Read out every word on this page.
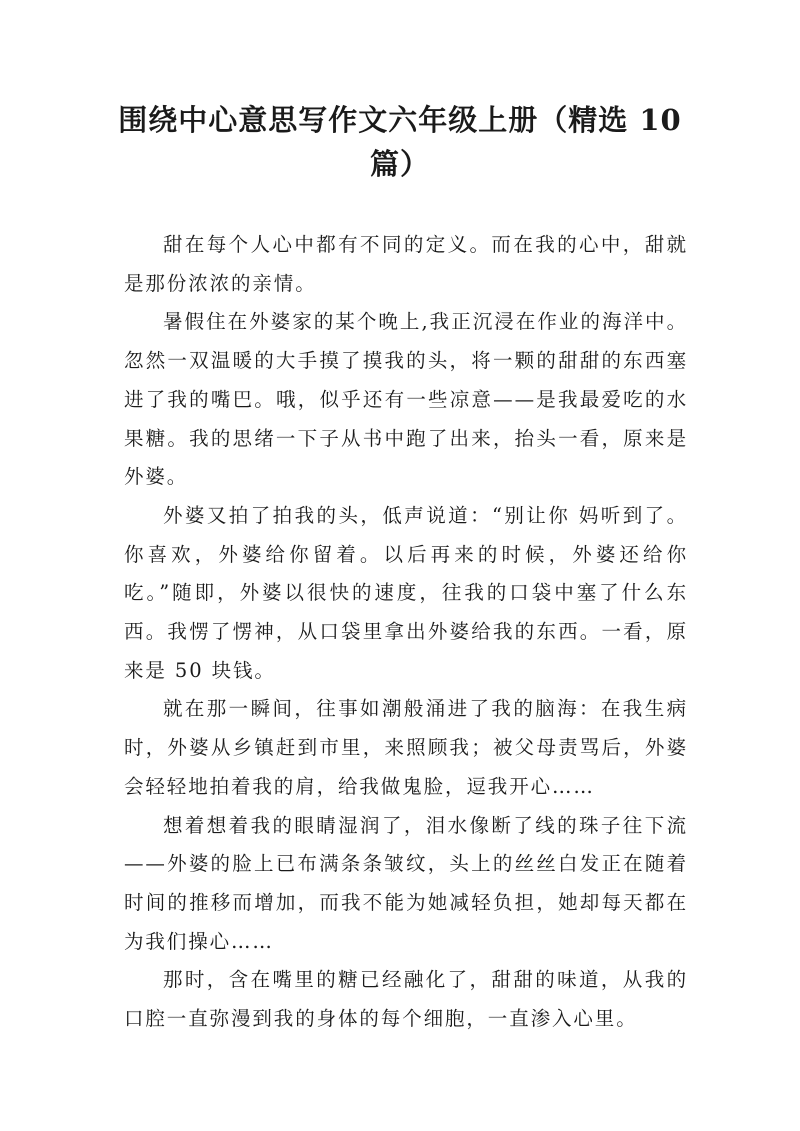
围绕中心意思写作文六年级上册（精选 10 篇）

甜在每个人心中都有不同的定义。而在我的心中，甜就是那份浓浓的亲情。

暑假住在外婆家的某个晚上,我正沉浸在作业的海洋中。忽然一双温暖的大手摸了摸我的头，将一颗的甜甜的东西塞进了我的嘴巴。哦，似乎还有一些凉意——是我最爱吃的水果糖。我的思绪一下子从书中跑了出来，抬头一看，原来是外婆。

外婆又拍了拍我的头，低声说道：“别让你 妈听到了。你喜欢，外婆给你留着。以后再来的时候，外婆还给你吃。”随即，外婆以很快的速度，往我的口袋中塞了什么东西。我愣了愣神，从口袋里拿出外婆给我的东西。一看，原来是 50 块钱。

就在那一瞬间，往事如潮般涌进了我的脑海：在我生病时，外婆从乡镇赶到市里，来照顾我；被父母责骂后，外婆会轻轻地拍着我的肩，给我做鬼脸，逗我开心……

想着想着我的眼睛湿润了，泪水像断了线的珠子往下流——外婆的脸上已布满条条皱纹，头上的丝丝白发正在随着时间的推移而增加，而我不能为她减轻负担，她却每天都在为我们操心……

那时，含在嘴里的糖已经融化了，甜甜的味道，从我的口腔一直弥漫到我的身体的每个细胞，一直渗入心里。
